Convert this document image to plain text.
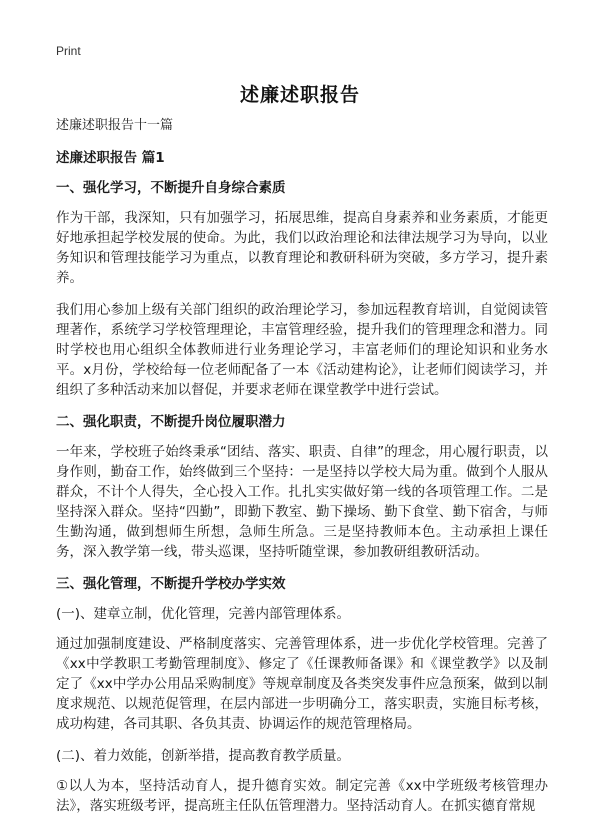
Print
述廉述职报告

述廉述职报告十一篇

述廉述职报告 篇1

一、强化学习，不断提升自身综合素质

作为干部，我深知，只有加强学习，拓展思维，提高自身素养和业务素质，才能更好地承担起学校发展的使命。为此，我们以政治理论和法律法规学习为导向，以业务知识和管理技能学习为重点，以教育理论和教研科研为突破，多方学习，提升素养。

我们用心参加上级有关部门组织的政治理论学习，参加远程教育培训，自觉阅读管理著作，系统学习学校管理理论，丰富管理经验，提升我们的管理理念和潜力。同时学校也用心组织全体教师进行业务理论学习，丰富老师们的理论知识和业务水平。x月份，学校给每一位老师配备了一本《活动建构论》，让老师们阅读学习，并组织了多种活动来加以督促，并要求老师在课堂教学中进行尝试。

二、强化职责，不断提升岗位履职潜力

一年来，学校班子始终秉承“团结、落实、职责、自律”的理念，用心履行职责，以身作则，勤奋工作，始终做到三个坚持：一是坚持以学校大局为重。做到个人服从群众，不计个人得失，全心投入工作。扎扎实实做好第一线的各项管理工作。二是坚持深入群众。坚持“四勤”，即勤下教室、勤下操场、勤下食堂、勤下宿舍，与师生勤沟通，做到想师生所想，急师生所急。三是坚持教师本色。主动承担上课任务，深入教学第一线，带头巡课，坚持听随堂课，参加教研组教研活动。

三、强化管理，不断提升学校办学实效

(一)、建章立制，优化管理，完善内部管理体系。

通过加强制度建设、严格制度落实、完善管理体系，进一步优化学校管理。完善了《xx中学教职工考勤管理制度》、修定了《任课教师备课》和《课堂教学》以及制定了《xx中学办公用品采购制度》等规章制度及各类突发事件应急预案，做到以制度求规范、以规范促管理，在层内部进一步明确分工，落实职责，实施目标考核，成功构建，各司其职、各负其责、协调运作的规范管理格局。

(二)、着力效能，创新举措，提高教育教学质量。

①以人为本，坚持活动育人，提升德育实效。制定完善《xx中学班级考核管理办法》，落实班级考评，提高班主任队伍管理潜力。坚持活动育人。在抓实德育常规
